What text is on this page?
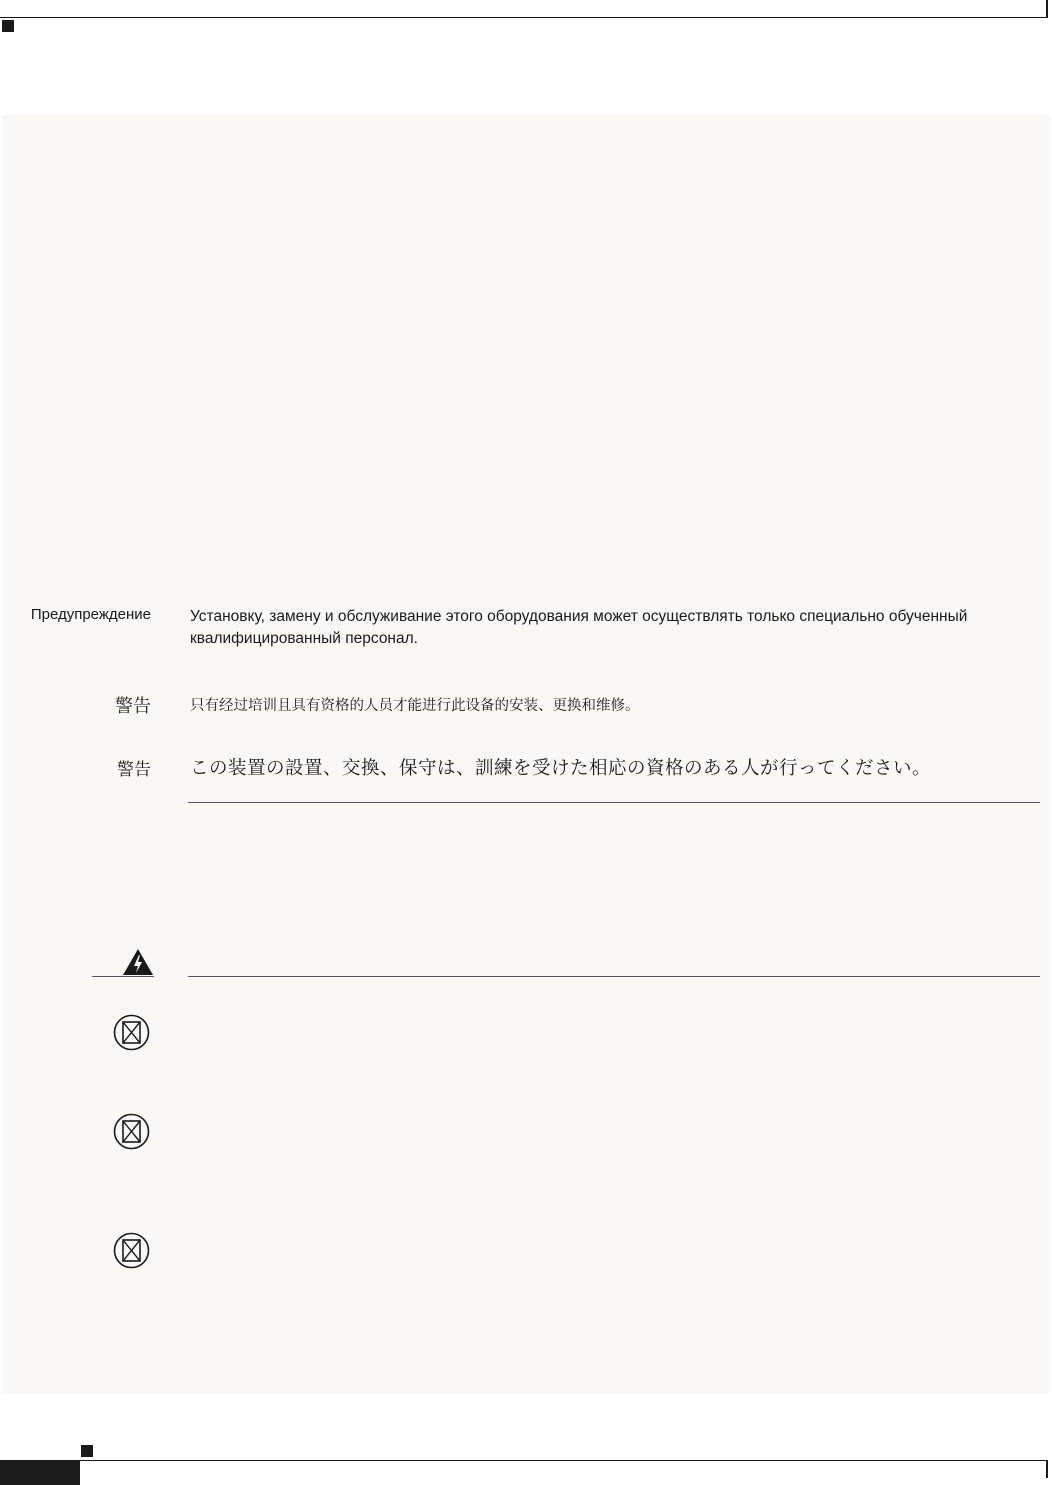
Предупреждение	Установку, замену и обслуживание этого оборудования может осуществлять только специально обученный квалифицированный персонал.
警告	只有经过培训且具有资格的人员才能进行此设备的安装、更换和维修。
警告 この装置の設置、交換、保守は、訓練を受けた相応の資格のある人が行ってください。
